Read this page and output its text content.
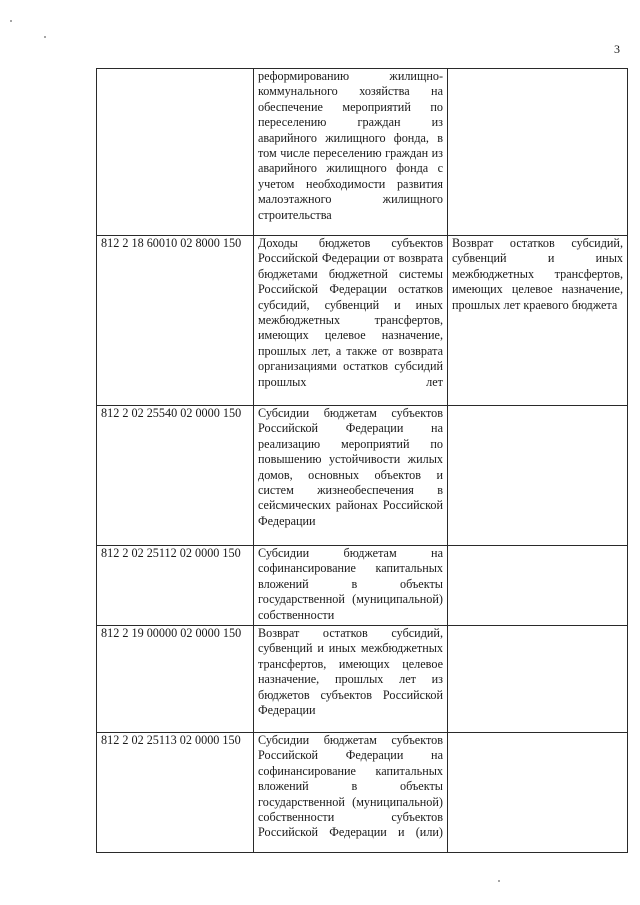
3
	реформированию жилищно-коммунального хозяйства на обеспечение мероприятий по переселению граждан из аварийного жилищного фонда, в том числе переселению граждан из аварийного жилищного фонда с учетом необходимости развития малоэтажного жилищного строительства	
812 2 18 60010 02 8000 150	Доходы бюджетов субъектов Российской Федерации от возврата бюджетами бюджетной системы Российской Федерации остатков субсидий, субвенций и иных межбюджетных трансфертов, имеющих целевое назначение, прошлых лет, а также от возврата организациями остатков субсидий прошлых лет	Возврат остатков субсидий, субвенций и иных межбюджетных трансфертов, имеющих целевое назначение, прошлых лет краевого бюджета
812 2 02 25540 02 0000 150	Субсидии бюджетам субъектов Российской Федерации на реализацию мероприятий по повышению устойчивости жилых домов, основных объектов и систем жизнеобеспечения в сейсмических районах Российской Федерации	
812 2 02 25112 02 0000 150	Субсидии бюджетам на софинансирование капитальных вложений в объекты государственной (муниципальной) собственности	
812 2 19 00000 02 0000 150	Возврат остатков субсидий, субвенций и иных межбюджетных трансфертов, имеющих целевое назначение, прошлых лет из бюджетов субъектов Российской Федерации	
812 2 02 25113 02 0000 150	Субсидии бюджетам субъектов Российской Федерации на софинансирование капитальных вложений в объекты государственной (муниципальной) собственности субъектов Российской Федерации и (или)	
